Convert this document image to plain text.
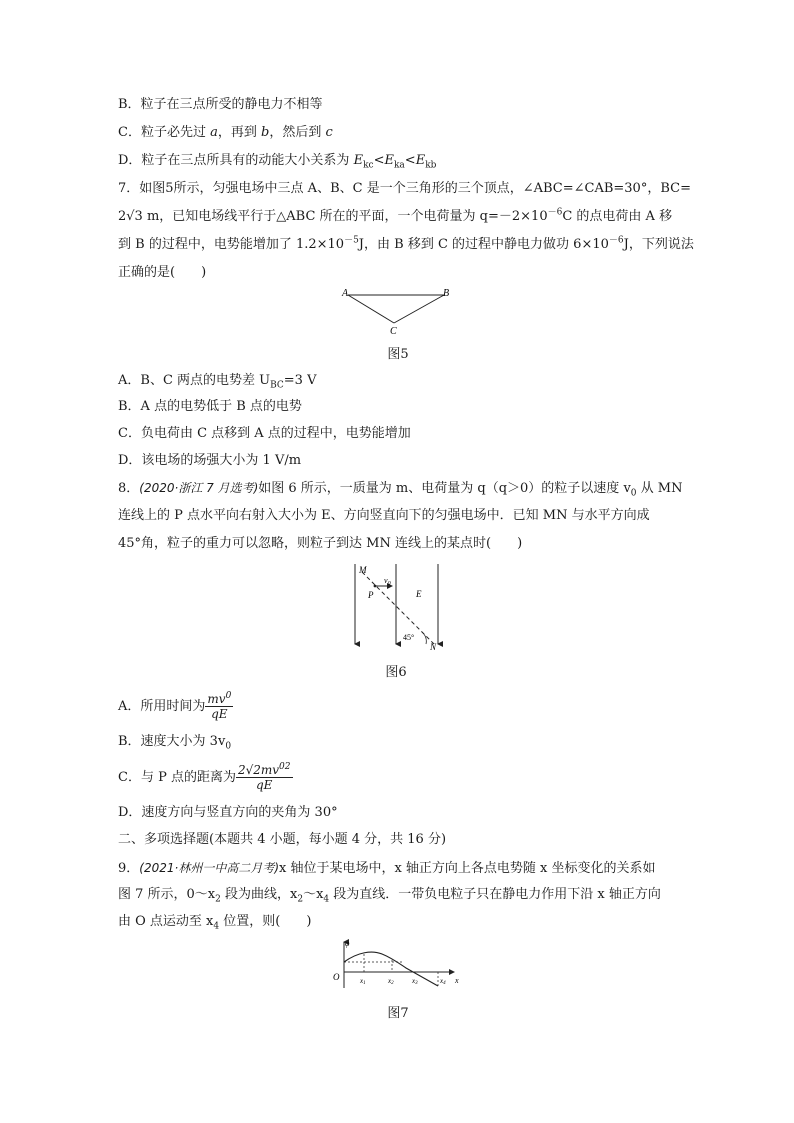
B．粒子在三点所受的静电力不相等
C．粒子必先过 a，再到 b，然后到 c
D．粒子在三点所具有的动能大小关系为 $E_{kc}<E_{ka}<E_{kb}$
7．如图5所示，匀强电场中三点 A、B、C 是一个三角形的三个顶点，∠ABC=∠CAB=30°，BC=
2√3 m，已知电场线平行于△ABC 所在的平面，一个电荷量为 $q=-2\times 10^{-6}C$ 的点电荷由 A 移
到 B 的过程中，电势能增加了 $1.2\times 10^{-5}J$，由 B 移到 C 的过程中静电力做功 $6\times 10^{-6}J$，下列说法
正确的是(　　)
A	B
C
图5
A．B、C 两点的电势差 $U_{BC}=3$ V
B．A 点的电势低于 B 点的电势
C．负电荷由 C 点移到 A 点的过程中，电势能增加
D．该电场的场强大小为 1 V/m
8．(2020·浙江 7 月选考)如图 6 所示，一质量为 m、电荷量为 q（q＞0）的粒子以速度 $v_0$ 从 MN
连线上的 P 点水平向右射入大小为 E、方向竖直向下的匀强电场中．已知 MN 与水平方向成
45°角，粒子的重力可以忽略，则粒子到达 MN 连线上的某点时(　　)
M
P
$v_0$
E
45°
N
图6
A．所用时间为 $\frac{mv^0}{qE}$
B．速度大小为 $3v_0$
C．与 P 点的距离为 $\frac{2√2mv^{02}}{qE}$
D．速度方向与竖直方向的夹角为 30°
二、多项选择题(本题共 4 小题，每小题 4 分，共 16 分)
9．(2021·林州一中高二月考)x 轴位于某电场中，x 轴正方向上各点电势随 x 坐标变化的关系如
图 7 所示，$0\sim x_2$ 段为曲线，$x_2\sim x_4$ 段为直线．一带负电粒子只在静电力作用下沿 x 轴正方向
由 O 点运动至 $x_4$ 位置，则(　　)
φ
O	x1	x2	x3	x4 x
图7
